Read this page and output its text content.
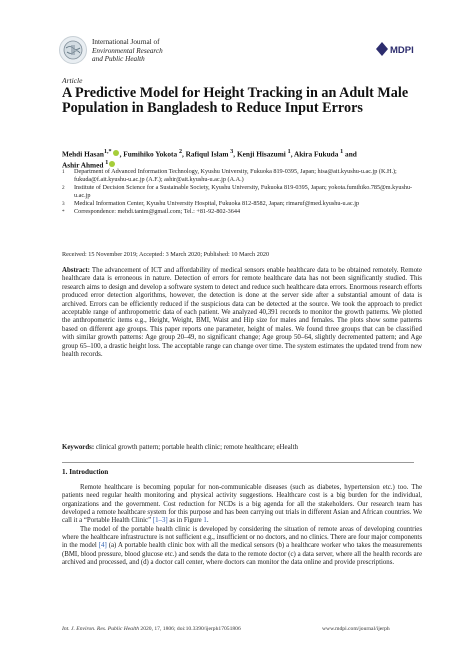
International Journal of
Environmental Research
and Public Health
MDPI
Article
A Predictive Model for Height Tracking in an Adult Male Population in Bangladesh to Reduce Input Errors
Mehdi Hasan$^{1,*}$ , Fumihiko Yokota $^2$, Rafiqul Islam $^3$, Kenji Hisazumi $^1$, Akira Fukuda $^1$ and
Ashir Ahmed $^1$
1 Department of Advanced Information Technology, Kyushu University, Fukuoka 819-0395, Japan; hisa@ait.kyushu-u.ac.jp (K.H.); fukuda@f.ait.kyushu-u.ac.jp (A.F.); ashir@ait.kyushu-u.ac.jp (A.A.)
2 Institute of Decision Science for a Sustainable Society, Kyushu University, Fukuoka 819-0395, Japan; yokota.fumihiko.785@m.kyushu-u.ac.jp
3 Medical Information Center, Kyushu University Hospital, Fukuoka 812-8582, Japan; rimaruf@med.kyushu-u.ac.jp
* Correspondence: mehdi.tanim@gmail.com; Tel.: +81-92-802-3644
Received: 15 November 2019; Accepted: 3 March 2020; Published: 10 March 2020
Abstract: The advancement of ICT and affordability of medical sensors enable healthcare data to be obtained remotely. Remote healthcare data is erroneous in nature. Detection of errors for remote healthcare data has not been significantly studied. This research aims to design and develop a software system to detect and reduce such healthcare data errors. Enormous research efforts produced error detection algorithms, however, the detection is done at the server side after a substantial amount of data is archived. Errors can be efficiently reduced if the suspicious data can be detected at the source. We took the approach to predict acceptable range of anthropometric data of each patient. We analyzed 40,391 records to monitor the growth patterns. We plotted the anthropometric items e.g., Height, Weight, BMI, Waist and Hip size for males and females. The plots show some patterns based on different age groups. This paper reports one parameter, height of males. We found three groups that can be classified with similar growth patterns: Age group 20–49, no significant change; Age group 50–64, slightly decremented pattern; and Age group 65–100, a drastic height loss. The acceptable range can change over time. The system estimates the updated trend from new health records.
Keywords: clinical growth pattern; portable health clinic; remote healthcare; eHealth
1. Introduction

Remote healthcare is becoming popular for non-communicable diseases (such as diabetes, hypertension etc.) too. The patients need regular health monitoring and physical activity suggestions. Healthcare cost is a big burden for the individual, organizations and the government. Cost reduction for NCDs is a big agenda for all the stakeholders. Our research team has developed a remote healthcare system for this purpose and has been carrying out trials in different Asian and African countries. We call it a “Portable Health Clinic” [1–3] as in Figure 1.

The model of the portable health clinic is developed by considering the situation of remote areas of developing countries where the healthcare infrastructure is not sufficient e.g., insufficient or no doctors, and no clinics. There are four major components in the model [4] (a) A portable health clinic box with all the medical sensors (b) a healthcare worker who takes the measurements (BMI, blood pressure, blood glucose etc.) and sends the data to the remote doctor (c) a data server, where all the health records are archived and processed, and (d) a doctor call center, where doctors can monitor the data online and provide prescriptions.

Int. J. Environ. Res. Public Health 2020, 17, 1806; doi:10.3390/ijerph17051806	www.mdpi.com/journal/ijerph
